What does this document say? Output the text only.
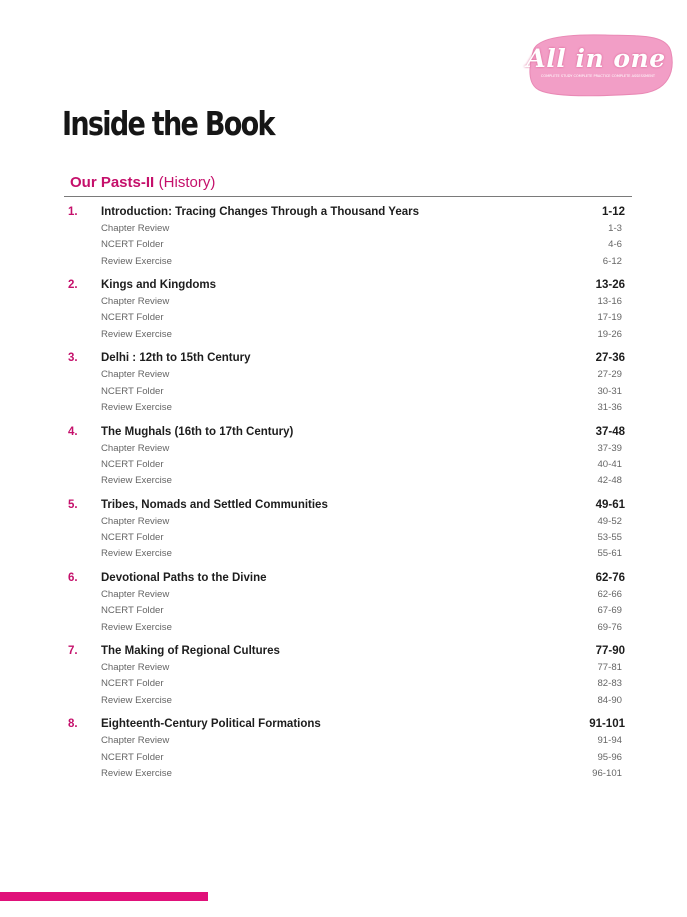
All in one
COMPLETE STUDY COMPLETE PRACTICE COMPLETE ASSESSMENT
Inside the Book
Our Pasts-II (History)
1. Introduction: Tracing Changes Through a Thousand Years	1-12
Chapter Review	1-3
NCERT Folder	4-6
Review Exercise	6-12
2. Kings and Kingdoms	13-26
Chapter Review	13-16
NCERT Folder	17-19
Review Exercise	19-26
3. Delhi : 12th to 15th Century	27-36
Chapter Review	27-29
NCERT Folder	30-31
Review Exercise	31-36
4. The Mughals (16th to 17th Century)	37-48
Chapter Review	37-39
NCERT Folder	40-41
Review Exercise	42-48
5. Tribes, Nomads and Settled Communities	49-61
Chapter Review	49-52
NCERT Folder	53-55
Review Exercise	55-61
6. Devotional Paths to the Divine	62-76
Chapter Review	62-66
NCERT Folder	67-69
Review Exercise	69-76
7. The Making of Regional Cultures	77-90
Chapter Review	77-81
NCERT Folder	82-83
Review Exercise	84-90
8. Eighteenth-Century Political Formations	91-101
Chapter Review	91-94
NCERT Folder	95-96
Review Exercise	96-101
